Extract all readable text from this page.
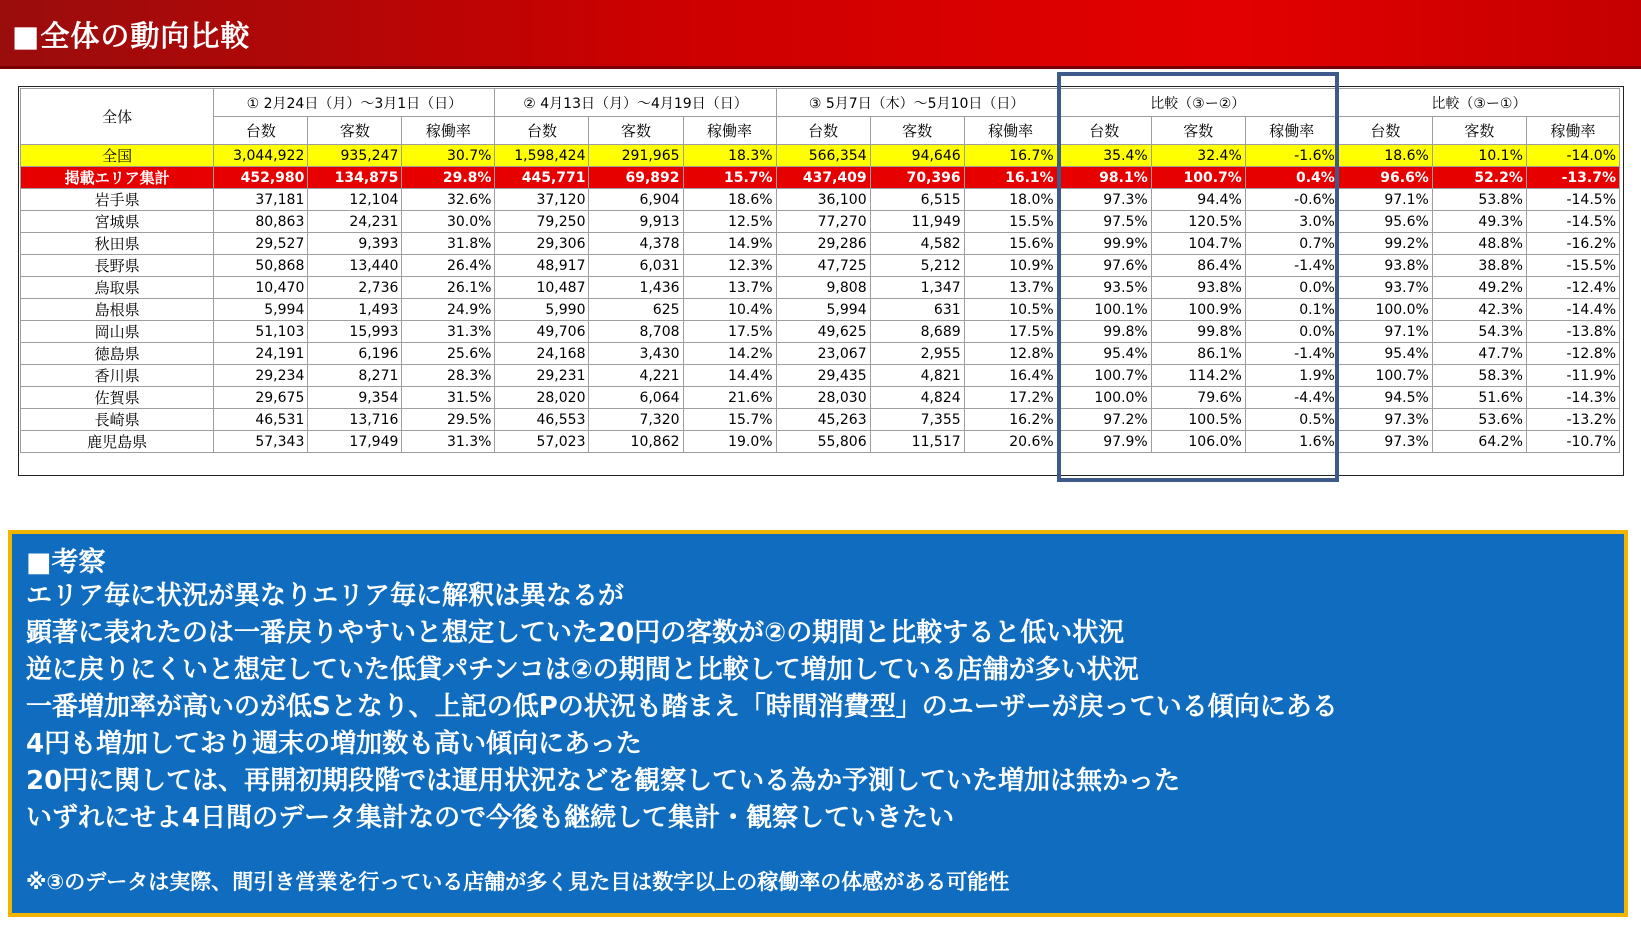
■全体の動向比較
全体	① 2月24日（月）～3月1日（日）			② 4月13日（月）～4月19日（日）			③ 5月7日（木）～5月10日（日）			比較（③ー②）			比較（③ー①）		
	台数	客数	稼働率	台数	客数	稼働率	台数	客数	稼働率	台数	客数	稼働率	台数	客数	稼働率
全国	3,044,922	935,247	30.7%	1,598,424	291,965	18.3%	566,354	94,646	16.7%	35.4%	32.4%	-1.6%	18.6%	10.1%	-14.0%
掲載エリア集計	452,980	134,875	29.8%	445,771	69,892	15.7%	437,409	70,396	16.1%	98.1%	100.7%	0.4%	96.6%	52.2%	-13.7%
岩手県	37,181	12,104	32.6%	37,120	6,904	18.6%	36,100	6,515	18.0%	97.3%	94.4%	-0.6%	97.1%	53.8%	-14.5%
宮城県	80,863	24,231	30.0%	79,250	9,913	12.5%	77,270	11,949	15.5%	97.5%	120.5%	3.0%	95.6%	49.3%	-14.5%
秋田県	29,527	9,393	31.8%	29,306	4,378	14.9%	29,286	4,582	15.6%	99.9%	104.7%	0.7%	99.2%	48.8%	-16.2%
長野県	50,868	13,440	26.4%	48,917	6,031	12.3%	47,725	5,212	10.9%	97.6%	86.4%	-1.4%	93.8%	38.8%	-15.5%
鳥取県	10,470	2,736	26.1%	10,487	1,436	13.7%	9,808	1,347	13.7%	93.5%	93.8%	0.0%	93.7%	49.2%	-12.4%
島根県	5,994	1,493	24.9%	5,990	625	10.4%	5,994	631	10.5%	100.1%	100.9%	0.1%	100.0%	42.3%	-14.4%
岡山県	51,103	15,993	31.3%	49,706	8,708	17.5%	49,625	8,689	17.5%	99.8%	99.8%	0.0%	97.1%	54.3%	-13.8%
徳島県	24,191	6,196	25.6%	24,168	3,430	14.2%	23,067	2,955	12.8%	95.4%	86.1%	-1.4%	95.4%	47.7%	-12.8%
香川県	29,234	8,271	28.3%	29,231	4,221	14.4%	29,435	4,821	16.4%	100.7%	114.2%	1.9%	100.7%	58.3%	-11.9%
佐賀県	29,675	9,354	31.5%	28,020	6,064	21.6%	28,030	4,824	17.2%	100.0%	79.6%	-4.4%	94.5%	51.6%	-14.3%
長崎県	46,531	13,716	29.5%	46,553	7,320	15.7%	45,263	7,355	16.2%	97.2%	100.5%	0.5%	97.3%	53.6%	-13.2%
鹿児島県	57,343	17,949	31.3%	57,023	10,862	19.0%	55,806	11,517	20.6%	97.9%	106.0%	1.6%	97.3%	64.2%	-10.7%
■考察
エリア毎に状況が異なりエリア毎に解釈は異なるが
顕著に表れたのは一番戻りやすいと想定していた20円の客数が②の期間と比較すると低い状況
逆に戻りにくいと想定していた低貸パチンコは②の期間と比較して増加している店舗が多い状況
一番増加率が高いのが低Sとなり、上記の低Pの状況も踏まえ「時間消費型」のユーザーが戻っている傾向にある
4円も増加しており週末の増加数も高い傾向にあった
20円に関しては、再開初期段階では運用状況などを観察している為か予測していた増加は無かった
いずれにせよ4日間のデータ集計なので今後も継続して集計・観察していきたい
※③のデータは実際、間引き営業を行っている店舗が多く見た目は数字以上の稼働率の体感がある可能性
